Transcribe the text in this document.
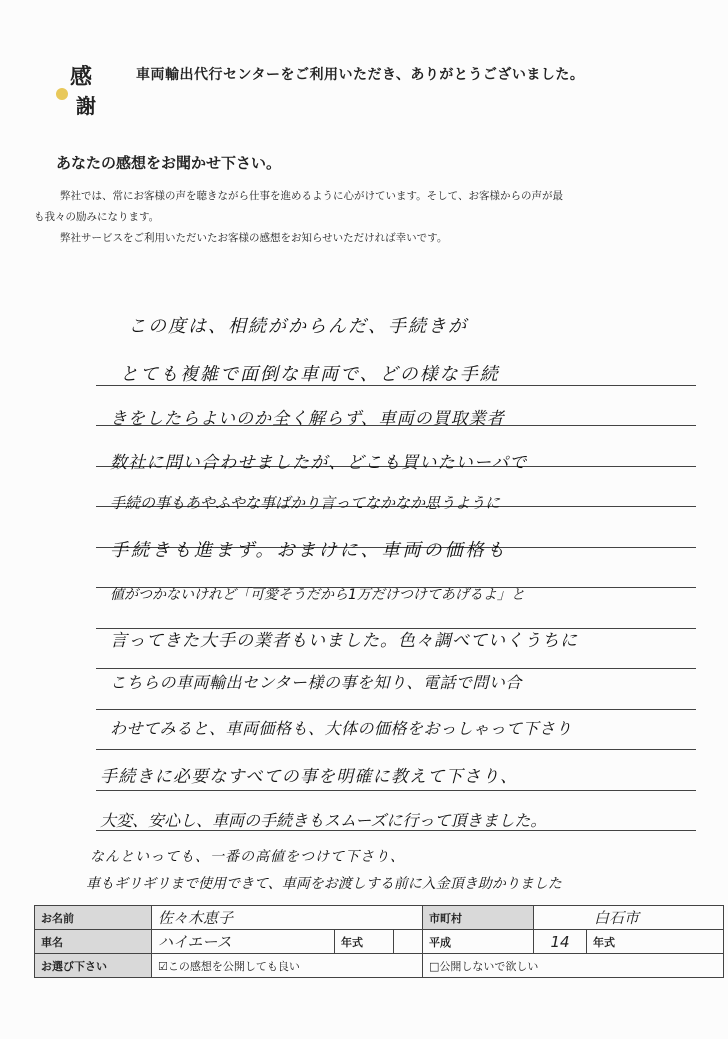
感
謝
車両輸出代行センターをご利用いただき、ありがとうございました。
あなたの感想をお聞かせ下さい。
弊社では、常にお客様の声を聴きながら仕事を進めるように心がけています。そして、お客様からの声が最
も我々の励みになります。
弊社サービスをご利用いただいたお客様の感想をお知らせいただければ幸いです。
この度は、相続がからんだ、手続きが
とても複雑で面倒な車両で、どの様な手続
きをしたらよいのか全く解らず、車両の買取業者
数社に問い合わせましたが、どこも買いたいーパで
手続の事もあやふやな事ばかり言ってなかなか思うように
手続きも進まず。おまけに、車両の価格も
値がつかないけれど「可愛そうだから1万だけつけてあげるよ」と
言ってきた大手の業者もいました。色々調べていくうちに
こちらの車両輸出センター様の事を知り、電話で問い合
わせてみると、車両価格も、大体の価格をおっしゃって下さり
手続きに必要なすべての事を明確に教えて下さり、
大変、安心し、車両の手続きもスムーズに行って頂きました。
なんといっても、一番の高値をつけて下さり、
車もギリギリまで使用できて、車両をお渡しする前に入金頂き助かりました
お名前	佐々木恵子			市町村	白石市	
車名	ハイエース	年式		平成	14	年式
お選び下さい	☑この感想を公開しても良い			□公開しないで欲しい		
